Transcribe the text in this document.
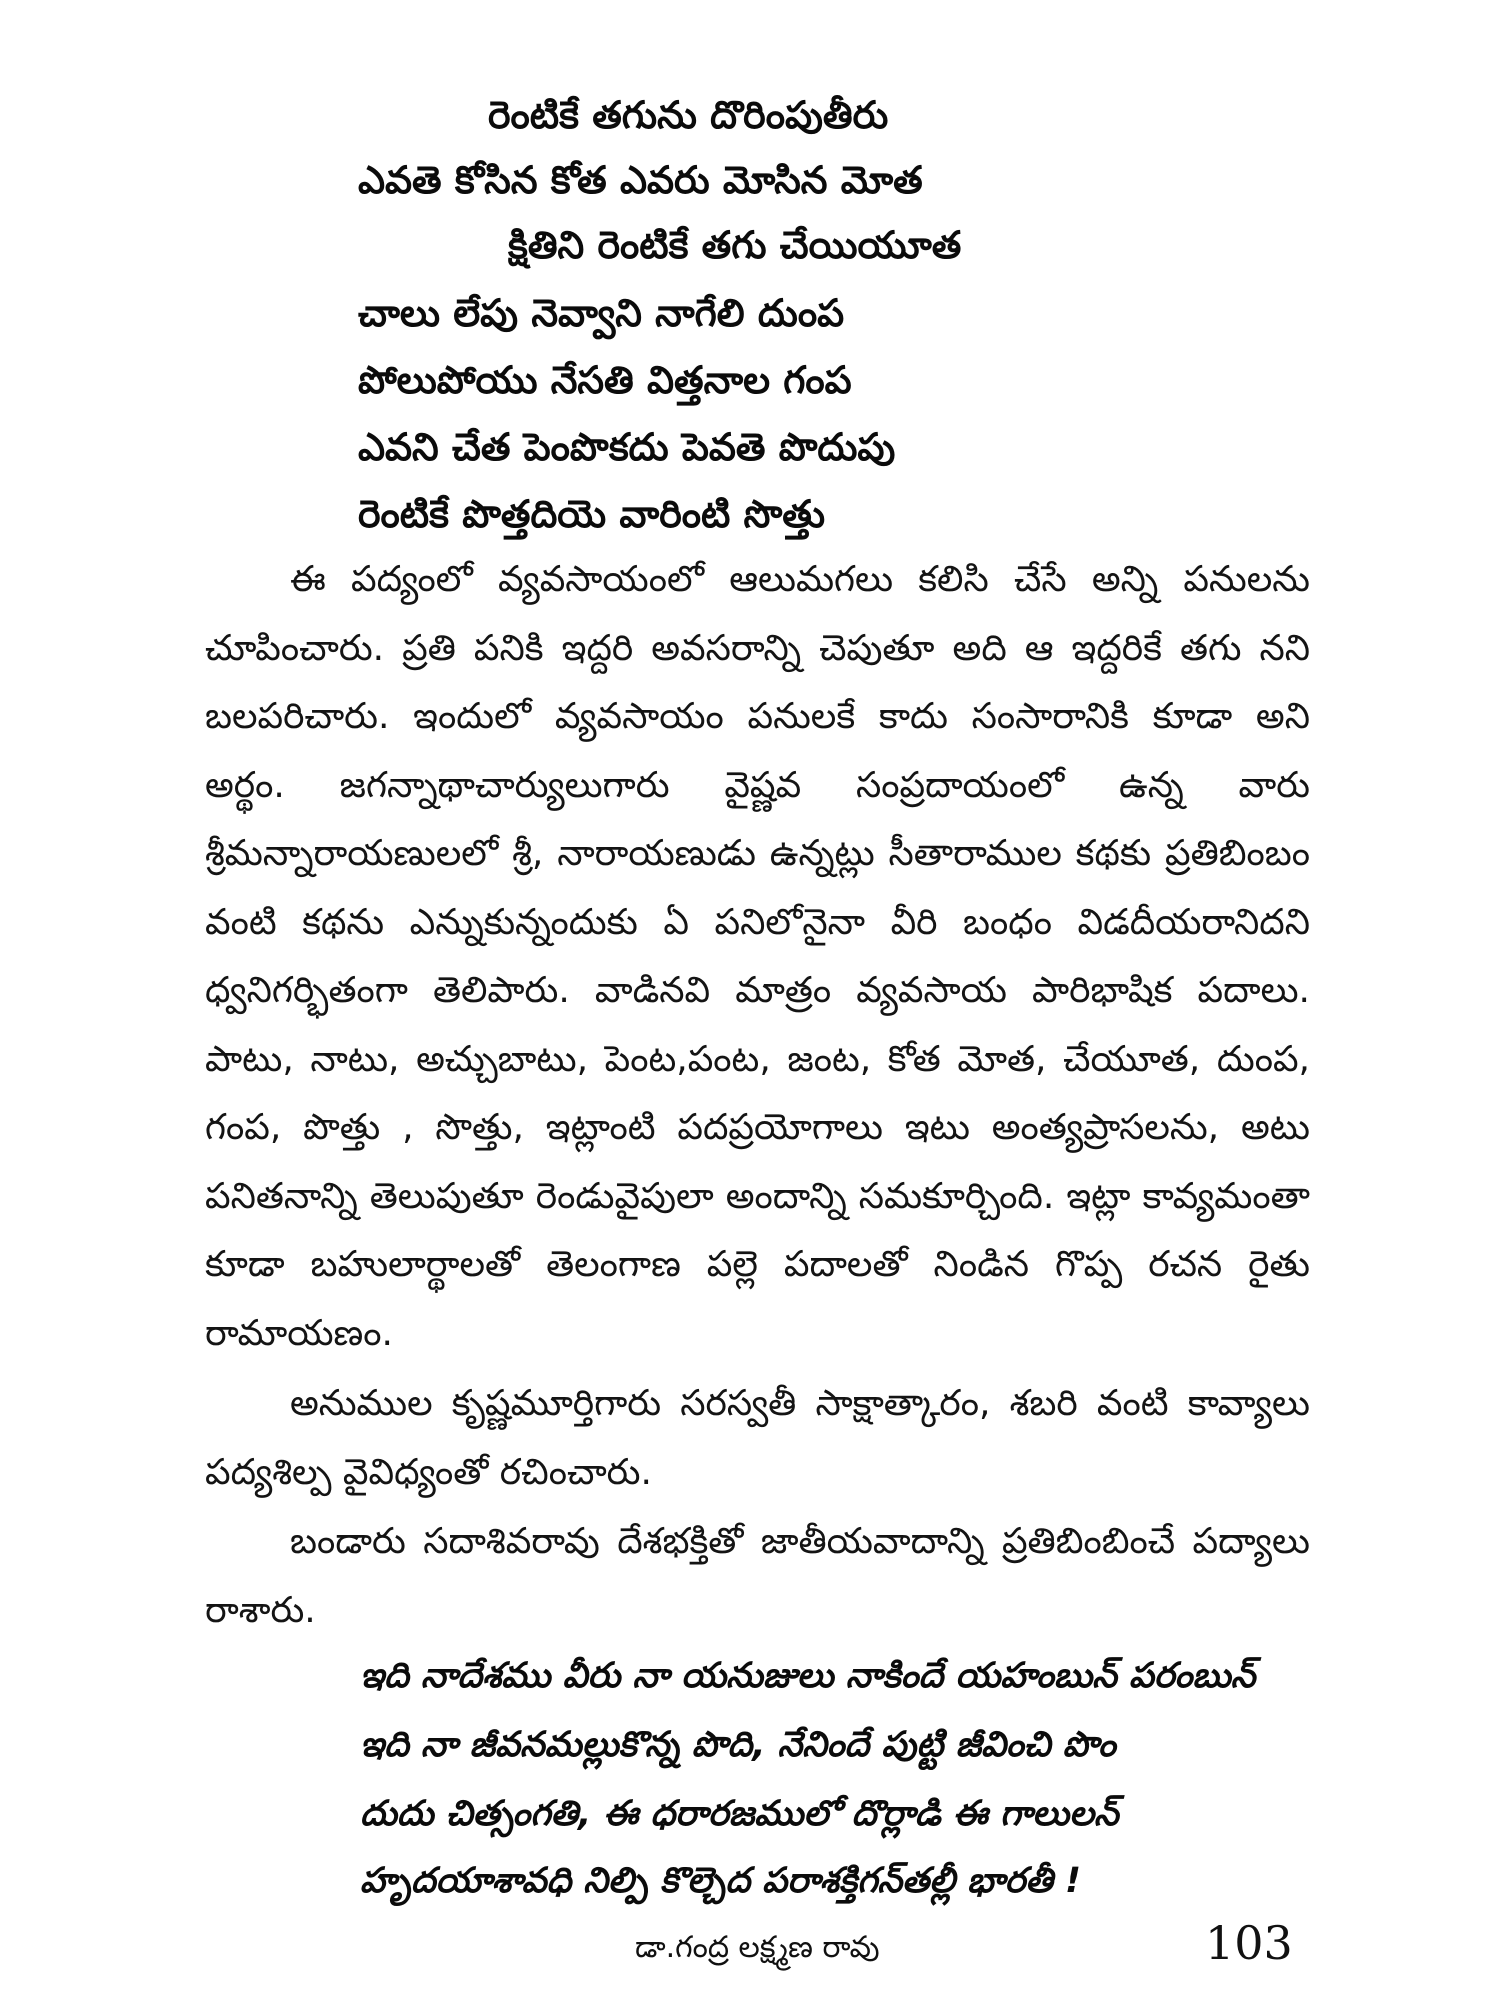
రెంటికే తగును దొరింపుతీరు
ఎవతె కోసిన కోత ఎవరు మోసిన మోత
క్షితిని రెంటికే తగు చేయియూత
చాలు లేపు నెవ్వాని నాగేలి దుంప
పోలుపోయు నేసతి విత్తనాల గంప
ఎవని చేత పెంపొకదు పెవతె పొదుపు
రెంటికే పొత్తదియె వారింటి సొత్తు

ఈ పద్యంలో వ్యవసాయంలో ఆలుమగలు కలిసి చేసే అన్ని పనులను చూపించారు. ప్రతి పనికి ఇద్దరి అవసరాన్ని చెపుతూ అది ఆ ఇద్దరికే తగు నని బలపరిచారు. ఇందులో వ్యవసాయం పనులకే కాదు సంసారానికి కూడా అని అర్థం. జగన్నాథాచార్యులుగారు వైష్ణవ సంప్రదాయంలో ఉన్న వారు శ్రీమన్నారాయణులలో శ్రీ, నారాయణుడు ఉన్నట్లు సీతారాముల కథకు ప్రతిబింబం వంటి కథను ఎన్నుకున్నందుకు ఏ పనిలోనైనా వీరి బంధం విడదీయరానిదని ధ్వనిగర్భితంగా తెలిపారు. వాడినవి మాత్రం వ్యవసాయ పారిభాషిక పదాలు. పాటు, నాటు, అచ్చుబాటు, పెంట,పంట, జంట, కోత మోత, చేయూత, దుంప, గంప, పొత్తు , సొత్తు, ఇట్లాంటి పదప్రయోగాలు ఇటు అంత్యప్రాసలను, అటు పనితనాన్ని తెలుపుతూ రెండువైపులా అందాన్ని సమకూర్చింది. ఇట్లా కావ్యమంతా కూడా బహులార్థాలతో తెలంగాణ పల్లె పదాలతో నిండిన గొప్ప రచన రైతు రామాయణం.

అనుముల కృష్ణమూర్తిగారు సరస్వతీ సాక్షాత్కారం, శబరి వంటి కావ్యాలు పద్యశిల్ప వైవిధ్యంతో రచించారు.

బండారు సదాశివరావు దేశభక్తితో జాతీయవాదాన్ని ప్రతిబింబించే పద్యాలు రాశారు.

ఇది నాదేశము వీరు నా యనుజులు నాకిందే యహంబున్ పరంబున్
ఇది నా జీవనమల్లుకొన్న పొది, నేనిందే పుట్టి జీవించి పొం
దుదు చిత్సంగతి, ఈ ధరారజములో దొర్లాడి ఈ గాలులన్
హృదయాశావధి నిల్పి కొల్చెద పరాశక్తిగన్‌తల్లీ భారతీ !
డా.గంద్ర లక్ష్మణ రావు	103
